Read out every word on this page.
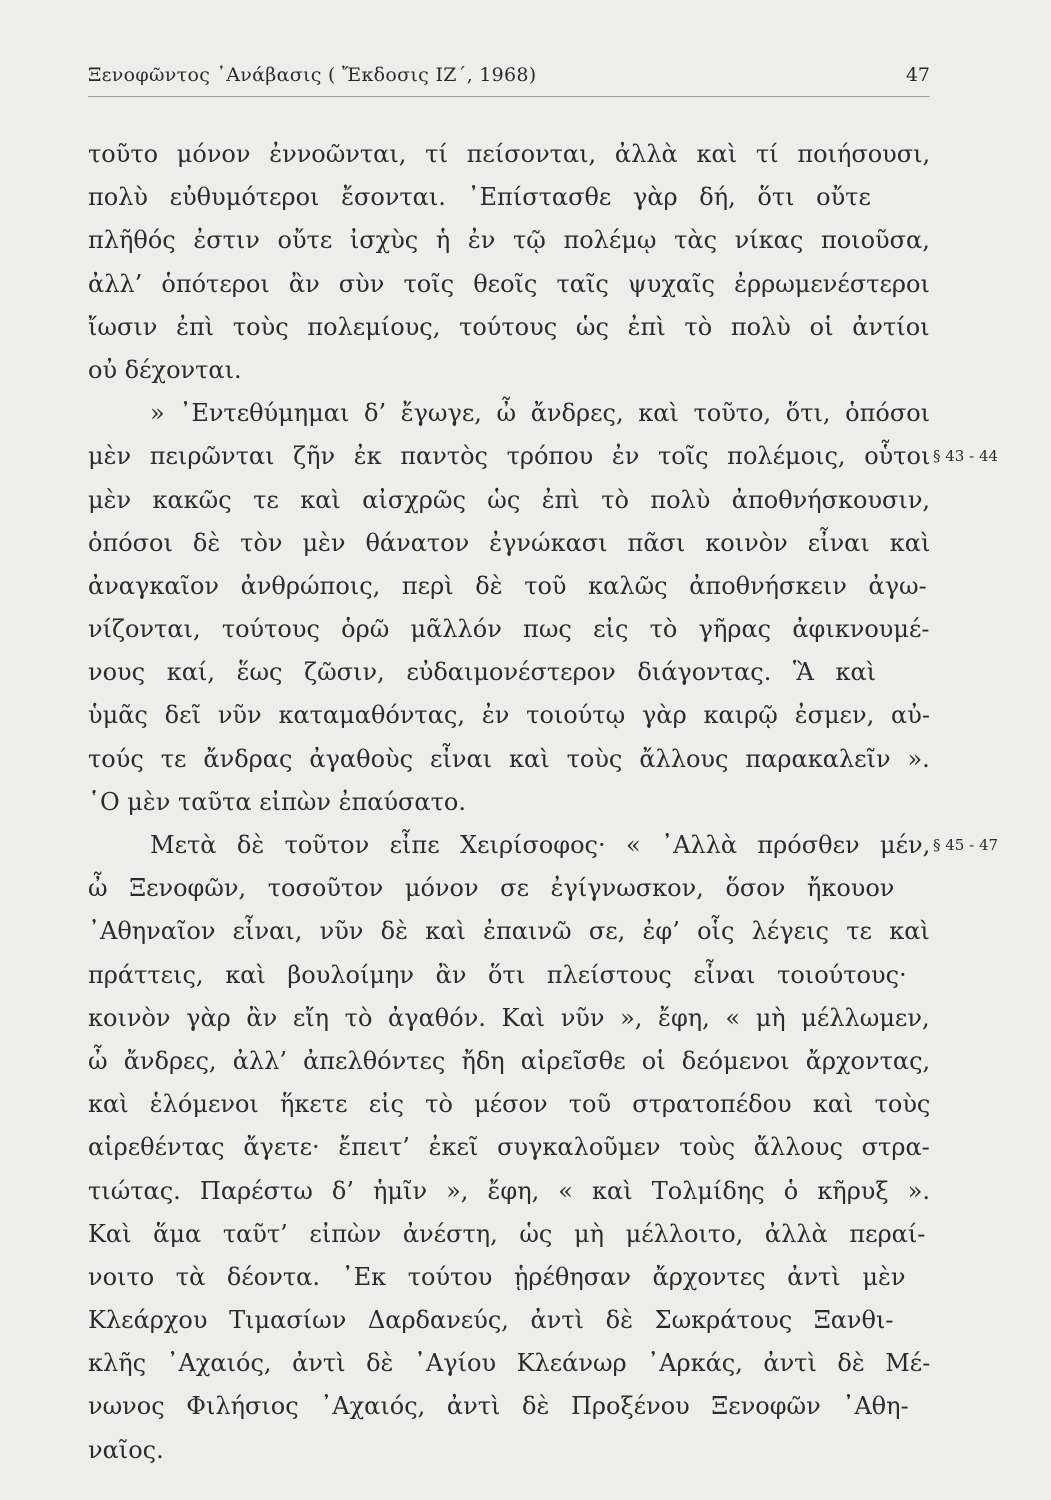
Ξενοφῶντος ᾿Ανάβασις ( Ἔκδοσις ΙΖ΄, 1968)	47
τοῦτο μόνον ἐννοῶνται, τί πείσονται, ἀλλὰ καὶ τί ποιήσουσι,
πολὺ εὐθυμότεροι ἔσονται. ᾿Επίστασθε γὰρ δή, ὅτι οὔτε
πλῆθός ἐστιν οὔτε ἰσχὺς ἡ ἐν τῷ πολέμῳ τὰς νίκας ποιοῦσα,
ἀλλ’ ὁπότεροι ἂν σὺν τοῖς θεοῖς ταῖς ψυχαῖς ἐρρωμενέστεροι
ἴωσιν ἐπὶ τοὺς πολεμίους, τούτους ὡς ἐπὶ τὸ πολὺ οἱ ἀντίοι
οὐ δέχονται.
» ᾿Εντεθύμημαι δ’ ἔγωγε, ὦ ἄνδρες, καὶ τοῦτο, ὅτι, ὁπόσοι
μὲν πειρῶνται ζῆν ἐκ παντὸς τρόπου ἐν τοῖς πολέμοις, οὗτοι
μὲν κακῶς τε καὶ αἰσχρῶς ὡς ἐπὶ τὸ πολὺ ἀποθνήσκουσιν,
ὁπόσοι δὲ τὸν μὲν θάνατον ἐγνώκασι πᾶσι κοινὸν εἶναι καὶ
ἀναγκαῖον ἀνθρώποις, περὶ δὲ τοῦ καλῶς ἀποθνήσκειν ἀγω-
νίζονται, τούτους ὁρῶ μᾶλλόν πως εἰς τὸ γῆρας ἀφικνουμέ-
νους καί, ἕως ζῶσιν, εὐδαιμονέστερον διάγοντας. Ἃ καὶ
ὑμᾶς δεῖ νῦν καταμαθόντας, ἐν τοιούτῳ γὰρ καιρῷ ἐσμεν, αὐ-
τούς τε ἄνδρας ἀγαθοὺς εἶναι καὶ τοὺς ἄλλους παρακαλεῖν ».
῾Ο μὲν ταῦτα εἰπὼν ἐπαύσατο.
Μετὰ δὲ τοῦτον εἶπε Χειρίσοφος· « ᾿Αλλὰ πρόσθεν μέν,
ὦ Ξενοφῶν, τοσοῦτον μόνον σε ἐγίγνωσκον, ὅσον ἤκουον
᾿Αθηναῖον εἶναι, νῦν δὲ καὶ ἐπαινῶ σε, ἐφ’ οἷς λέγεις τε καὶ
πράττεις, καὶ βουλοίμην ἂν ὅτι πλείστους εἶναι τοιούτους·
κοινὸν γὰρ ἂν εἴη τὸ ἀγαθόν. Καὶ νῦν », ἔφη, « μὴ μέλλωμεν,
ὦ ἄνδρες, ἀλλ’ ἀπελθόντες ἤδη αἱρεῖσθε οἱ δεόμενοι ἄρχοντας,
καὶ ἑλόμενοι ἥκετε εἰς τὸ μέσον τοῦ στρατοπέδου καὶ τοὺς
αἱρεθέντας ἄγετε· ἔπειτ’ ἐκεῖ συγκαλοῦμεν τοὺς ἄλλους στρα-
τιώτας. Παρέστω δ’ ἡμῖν », ἔφη, « καὶ Τολμίδης ὁ κῆρυξ ».
Καὶ ἅμα ταῦτ’ εἰπὼν ἀνέστη, ὡς μὴ μέλλοιτο, ἀλλὰ περαί-
νοιτο τὰ δέοντα. ᾿Εκ τούτου ᾑρέθησαν ἄρχοντες ἀντὶ μὲν
Κλεάρχου Τιμασίων Δαρδανεύς, ἀντὶ δὲ Σωκράτους Ξανθι-
κλῆς ᾿Αχαιός, ἀντὶ δὲ ᾿Αγίου Κλεάνωρ ᾿Αρκάς, ἀντὶ δὲ Μέ-
νωνος Φιλήσιος ᾿Αχαιός, ἀντὶ δὲ Προξένου Ξενοφῶν ᾿Αθη-
ναῖος.
§ 43 - 44
§ 45 - 47
